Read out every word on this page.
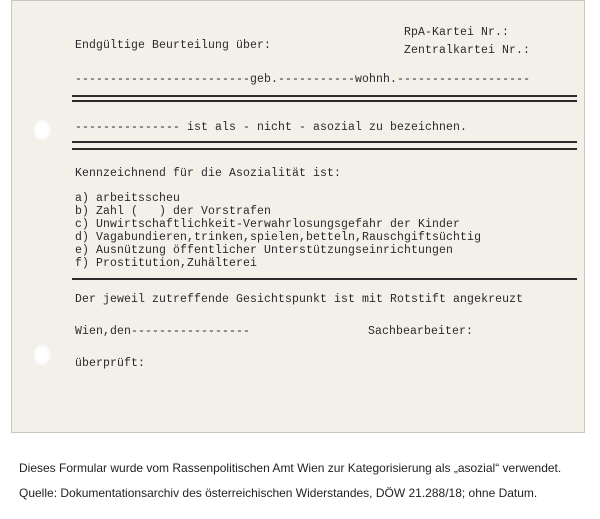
Endgültige Beurteilung über:
RpA-Kartei Nr.:
Zentralkartei Nr.:
-------------------------geb.-----------wohnh.-------------------
--------------- ist als - nicht - asozial zu bezeichnen.
Kennzeichnend für die Asozialität ist:
a) arbeitsscheu
b) Zahl (   ) der Vorstrafen
c) Unwirtschaftlichkeit-Verwahrlosungsgefahr der Kinder
d) Vagabundieren,trinken,spielen,betteln,Rauschgiftsüchtig
e) Ausnützung öffentlicher Unterstützungseinrichtungen
f) Prostitution,Zuhälterei
Der jeweil zutreffende Gesichtspunkt ist mit Rotstift angekreuzt
Wien,den-----------------	Sachbearbeiter:
überprüft:
Dieses Formular wurde vom Rassenpolitischen Amt Wien zur Kategorisierung als „asozial“ verwendet.
Quelle: Dokumentationsarchiv des österreichischen Widerstandes, DÖW 21.288/18; ohne Datum.
